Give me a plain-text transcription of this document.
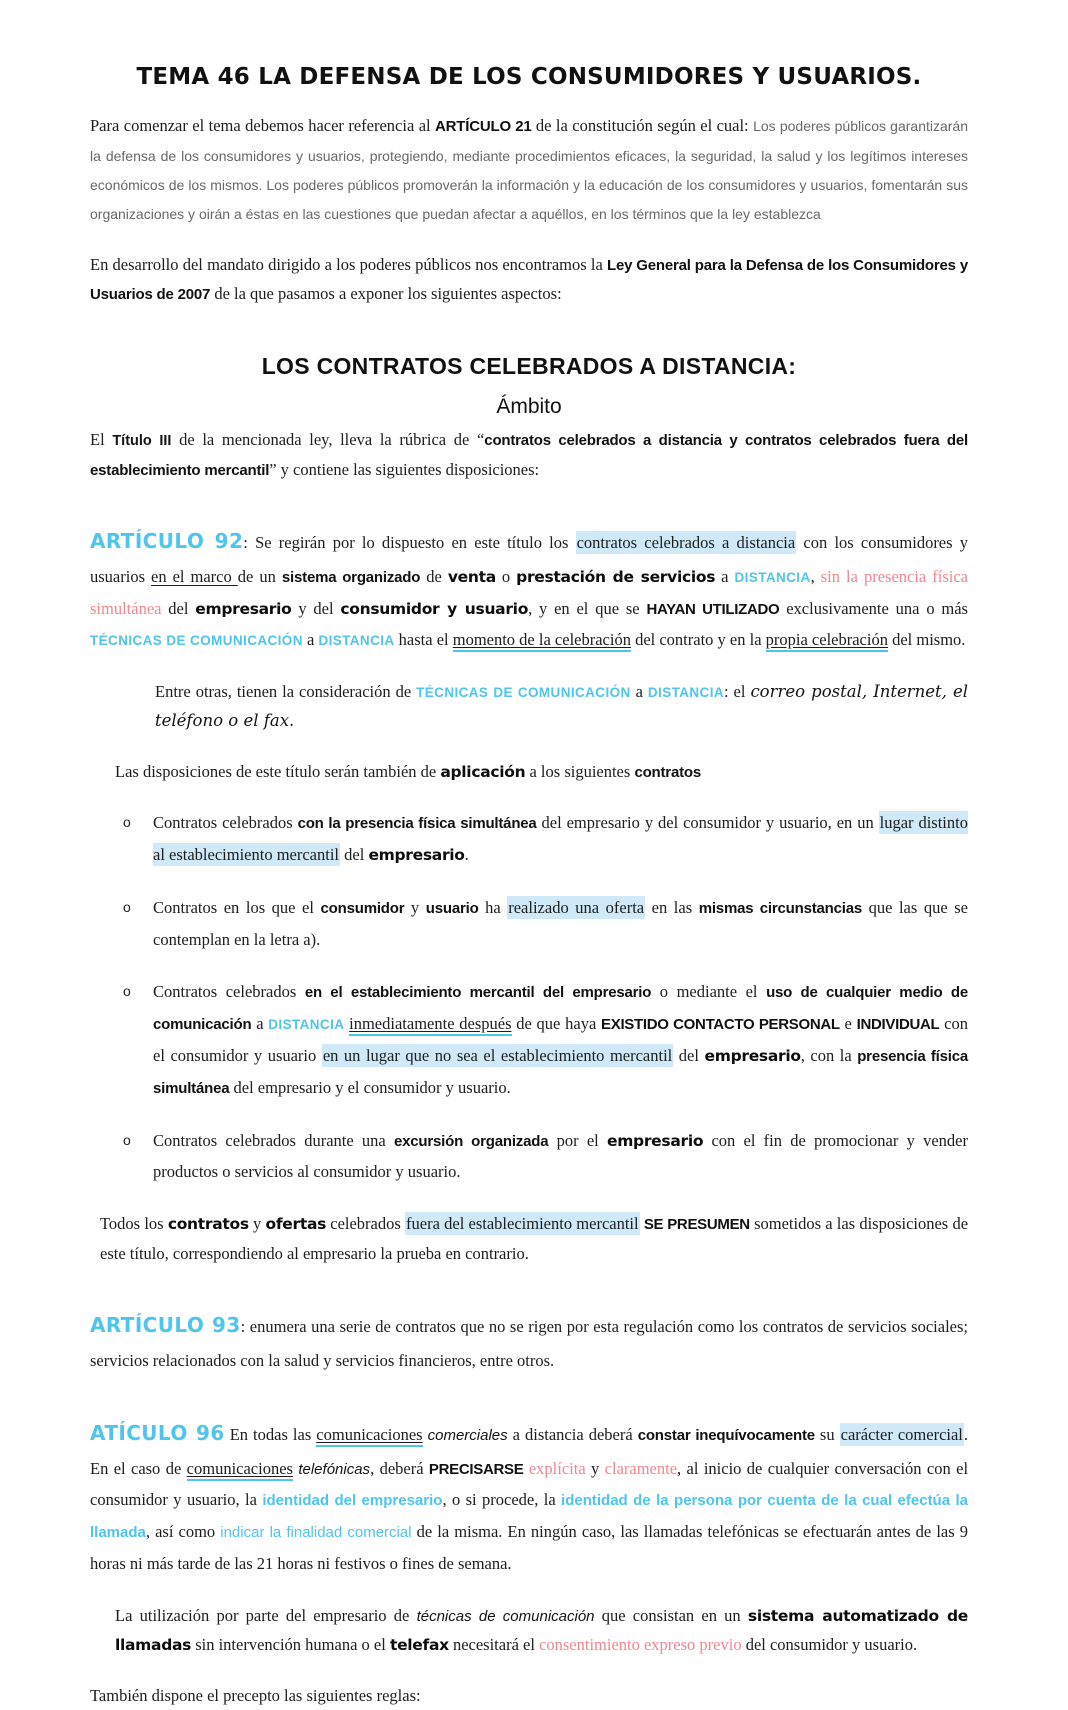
TEMA 46 LA DEFENSA DE LOS CONSUMIDORES Y USUARIOS.
Para comenzar el tema debemos hacer referencia al ARTÍCULO 21 de la constitución según el cual: Los poderes públicos garantizarán la defensa de los consumidores y usuarios, protegiendo, mediante procedimientos eficaces, la seguridad, la salud y los legítimos intereses económicos de los mismos. Los poderes públicos promoverán la información y la educación de los consumidores y usuarios, fomentarán sus organizaciones y oirán a éstas en las cuestiones que puedan afectar a aquéllos, en los términos que la ley establezca
En desarrollo del mandato dirigido a los poderes públicos nos encontramos la Ley General para la Defensa de los Consumidores y Usuarios de 2007 de la que pasamos a exponer los siguientes aspectos:
LOS CONTRATOS CELEBRADOS A DISTANCIA:
Ámbito
El Título III de la mencionada ley, lleva la rúbrica de “contratos celebrados a distancia y contratos celebrados fuera del establecimiento mercantil” y contiene las siguientes disposiciones:
ARTÍCULO 92: Se regirán por lo dispuesto en este título los contratos celebrados a distancia con los consumidores y usuarios en el marco de un sistema organizado de venta o prestación de servicios a DISTANCIA, sin la presencia física simultánea del empresario y del consumidor y usuario, y en el que se HAYAN UTILIZADO exclusivamente una o más TÉCNICAS DE COMUNICACIÓN a DISTANCIA hasta el momento de la celebración del contrato y en la propia celebración del mismo.
Entre otras, tienen la consideración de TÉCNICAS DE COMUNICACIÓN a DISTANCIA: el correo postal, Internet, el teléfono o el fax.
Las disposiciones de este título serán también de aplicación a los siguientes contratos
o Contratos celebrados con la presencia física simultánea del empresario y del consumidor y usuario, en un lugar distinto al establecimiento mercantil del empresario.
o Contratos en los que el consumidor y usuario ha realizado una oferta en las mismas circunstancias que las que se contemplan en la letra a).
o Contratos celebrados en el establecimiento mercantil del empresario o mediante el uso de cualquier medio de comunicación a DISTANCIA inmediatamente después de que haya EXISTIDO CONTACTO PERSONAL e INDIVIDUAL con el consumidor y usuario en un lugar que no sea el establecimiento mercantil del empresario, con la presencia física simultánea del empresario y el consumidor y usuario.
o Contratos celebrados durante una excursión organizada por el empresario con el fin de promocionar y vender productos o servicios al consumidor y usuario.
Todos los contratos y ofertas celebrados fuera del establecimiento mercantil SE PRESUMEN sometidos a las disposiciones de este título, correspondiendo al empresario la prueba en contrario.
ARTÍCULO 93: enumera una serie de contratos que no se rigen por esta regulación como los contratos de servicios sociales; servicios relacionados con la salud y servicios financieros, entre otros.
ATÍCULO 96 En todas las comunicaciones comerciales a distancia deberá constar inequívocamente su carácter comercial. En el caso de comunicaciones telefónicas, deberá PRECISARSE explícita y claramente, al inicio de cualquier conversación con el consumidor y usuario, la identidad del empresario, o si procede, la identidad de la persona por cuenta de la cual efectúa la llamada, así como indicar la finalidad comercial de la misma. En ningún caso, las llamadas telefónicas se efectuarán antes de las 9 horas ni más tarde de las 21 horas ni festivos o fines de semana.
La utilización por parte del empresario de técnicas de comunicación que consistan en un sistema automatizado de llamadas sin intervención humana o el telefax necesitará el consentimiento expreso previo del consumidor y usuario.
También dispone el precepto las siguientes reglas:
